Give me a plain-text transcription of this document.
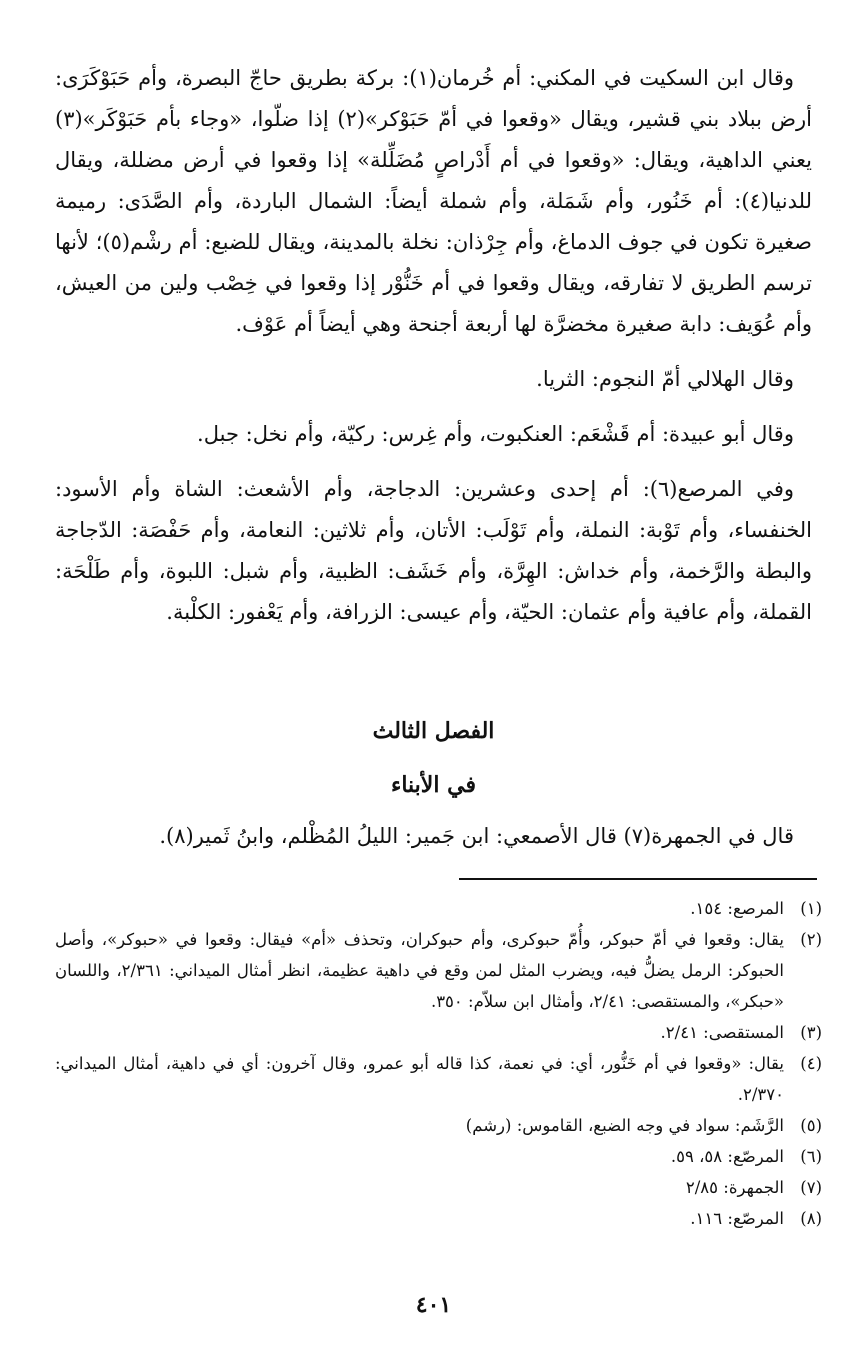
وقال ابن السكيت في المكني: أم خُرمان(١): بركة بطريق حاجّ البصرة، وأم حَبَوْكَرَى: أرض ببلاد بني قشير، ويقال «وقعوا في أمّ حَبَوْكر»(٢) إذا ضلّوا، «وجاء بأم حَبَوْكَر»(٣) يعني الداهية، ويقال: «وقعوا في أم أَدْراصٍ مُضَلِّلة» إذا وقعوا في أرض مضللة، ويقال للدنيا(٤): أم خَنُور، وأم شَمَلة، وأم شملة أيضاً: الشمال الباردة، وأم الصَّدَى: رميمة صغيرة تكون في جوف الدماغ، وأم جِرْذان: نخلة بالمدينة، ويقال للضبع: أم رشْم(٥)؛ لأنها ترسم الطريق لا تفارقه، ويقال وقعوا في أم خَنُّوْر إذا وقعوا في خِصْب ولين من العيش، وأم عُوَيف: دابة صغيرة مخضرَّة لها أربعة أجنحة وهي أيضاً أم عَوْف.

وقال الهلالي أمّ النجوم: الثريا.

وقال أبو عبيدة: أم قَشْعَم: العنكبوت، وأم غِرس: ركيّة، وأم نخل: جبل.

وفي المرصع(٦): أم إحدى وعشرين: الدجاجة، وأم الأشعث: الشاة وأم الأسود: الخنفساء، وأم تَوْبة: النملة، وأم تَوْلَب: الأتان، وأم ثلاثين: النعامة، وأم حَفْصَة: الدّجاجة والبطة والرَّخمة، وأم خداش: الهِرَّة، وأم خَشَف: الظبية، وأم شبل: اللبوة، وأم طَلْحَة: القملة، وأم عافية وأم عثمان: الحيّة، وأم عيسى: الزرافة، وأم يَعْفور: الكلْبة.

الفصل الثالث
في الأبناء

قال في الجمهرة(٧) قال الأصمعي: ابن جَمير: الليلُ المُظْلم، وابنُ ثَمير(٨).

(١)
المرصع: ١٥٤.
(٢)
يقال: وقعوا في أمّ حبوكر، وأُمّ حبوكرى، وأم حبوكران، وتحذف «أم» فيقال: وقعوا في «حبوكر»، وأصل الحبوكر: الرمل يضلُّ فيه، ويضرب المثل لمن وقع في داهية عظيمة، انظر أمثال الميداني: ٢/٣٦١، واللسان «حبكر»، والمستقصى: ٢/٤١، وأمثال ابن سلاّم: ٣٥٠.
(٣)
المستقصى: ٢/٤١.
(٤)
يقال: «وقعوا في أم خَنُّور، أي: في نعمة، كذا قاله أبو عمرو، وقال آخرون: أي في داهية، أمثال الميداني: ٢/٣٧٠.
(٥)
الرَّشَم: سواد في وجه الضبع، القاموس: (رشم)
(٦)
المرصّع: ٥٨، ٥٩.
(٧)
الجمهرة: ٢/٨٥
(٨)
المرصّع: ١١٦.
٤٠١
